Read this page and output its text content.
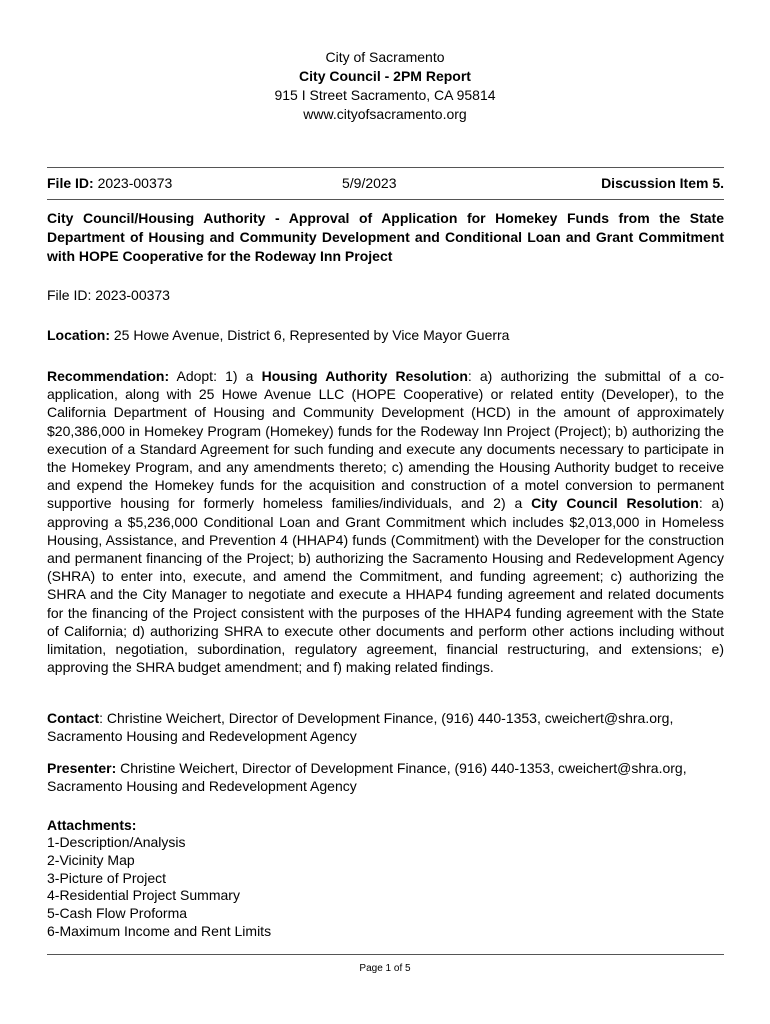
City of Sacramento
City Council - 2PM Report
915 I Street Sacramento, CA 95814
www.cityofsacramento.org
File ID: 2023-00373	5/9/2023	Discussion Item 5.
City Council/Housing Authority - Approval of Application for Homekey Funds from the State Department of Housing and Community Development and Conditional Loan and Grant Commitment with HOPE Cooperative for the Rodeway Inn Project
File ID: 2023-00373
Location: 25 Howe Avenue, District 6, Represented by Vice Mayor Guerra
Recommendation: Adopt: 1) a Housing Authority Resolution: a) authorizing the submittal of a co-application, along with 25 Howe Avenue LLC (HOPE Cooperative) or related entity (Developer), to the California Department of Housing and Community Development (HCD) in the amount of approximately $20,386,000 in Homekey Program (Homekey) funds for the Rodeway Inn Project (Project); b) authorizing the execution of a Standard Agreement for such funding and execute any documents necessary to participate in the Homekey Program, and any amendments thereto; c) amending the Housing Authority budget to receive and expend the Homekey funds for the acquisition and construction of a motel conversion to permanent supportive housing for formerly homeless families/individuals, and 2) a City Council Resolution: a) approving a $5,236,000 Conditional Loan and Grant Commitment which includes $2,013,000 in Homeless Housing, Assistance, and Prevention 4 (HHAP4) funds (Commitment) with the Developer for the construction and permanent financing of the Project; b) authorizing the Sacramento Housing and Redevelopment Agency (SHRA) to enter into, execute, and amend the Commitment, and funding agreement; c) authorizing the SHRA and the City Manager to negotiate and execute a HHAP4 funding agreement and related documents for the financing of the Project consistent with the purposes of the HHAP4 funding agreement with the State of California; d) authorizing SHRA to execute other documents and perform other actions including without limitation, negotiation, subordination, regulatory agreement, financial restructuring, and extensions; e) approving the SHRA budget amendment; and f) making related findings.
Contact: Christine Weichert, Director of Development Finance, (916) 440-1353, cweichert@shra.org, Sacramento Housing and Redevelopment Agency
Presenter: Christine Weichert, Director of Development Finance, (916) 440-1353, cweichert@shra.org, Sacramento Housing and Redevelopment Agency
Attachments:
1-Description/Analysis
2-Vicinity Map
3-Picture of Project
4-Residential Project Summary
5-Cash Flow Proforma
6-Maximum Income and Rent Limits
Page 1 of 5
